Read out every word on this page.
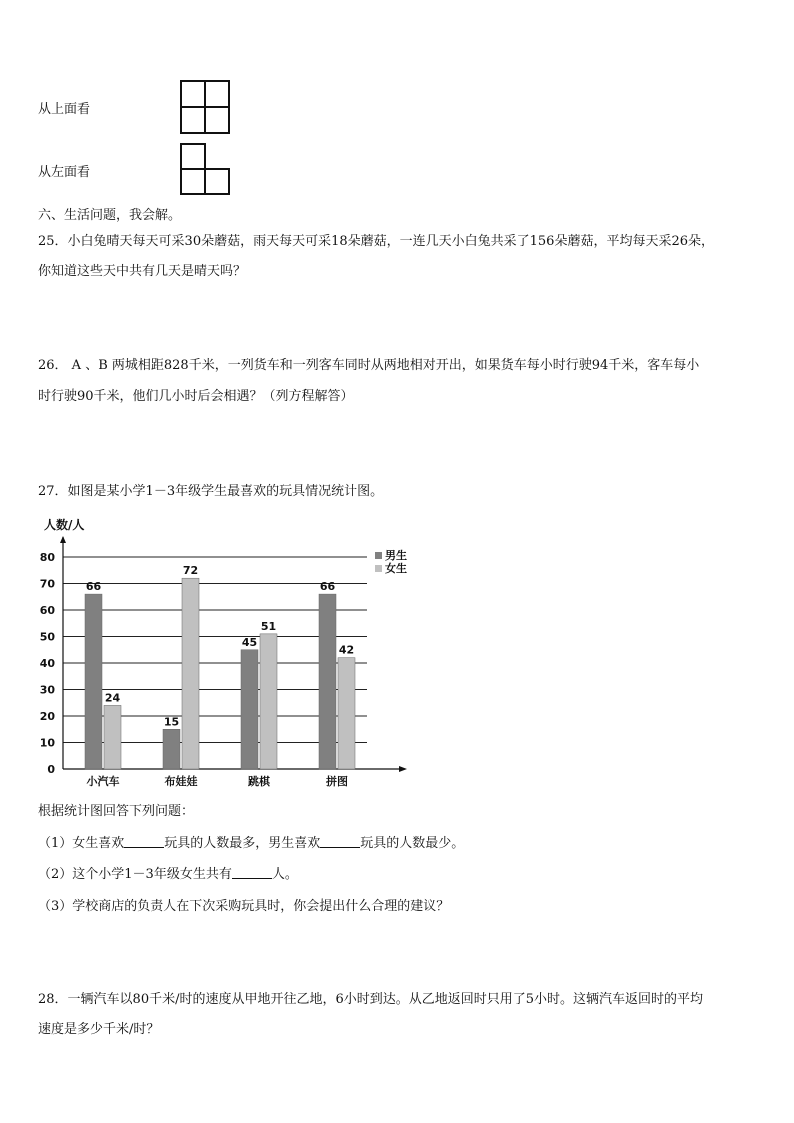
从上面看
从左面看
六、生活问题，我会解。
25．小白兔晴天每天可采30朵蘑菇，雨天每天可采18朵蘑菇，一连几天小白兔共采了156朵蘑菇，平均每天采26朵，
你知道这些天中共有几天是晴天吗？
26． A 、B 两城相距828千米，一列货车和一列客车同时从两地相对开出，如果货车每小时行驶94千米，客车每小
时行驶90千米，他们几小时后会相遇？（列方程解答）
27．如图是某小学1－3年级学生最喜欢的玩具情况统计图。
人数/人
0
10
20
30
40
50
60
70
80
66
24
小汽车
15
72
布娃娃
45
51
跳棋
66
42
拼图
男生
女生
根据统计图回答下列问题：
（1）女生喜欢	玩具的人数最多，男生喜欢	玩具的人数最少。
（2）这个小学1－3年级女生共有	人。
（3）学校商店的负责人在下次采购玩具时，你会提出什么合理的建议？
28．一辆汽车以80千米/时的速度从甲地开往乙地，6小时到达。从乙地返回时只用了5小时。这辆汽车返回时的平均
速度是多少千米/时？
